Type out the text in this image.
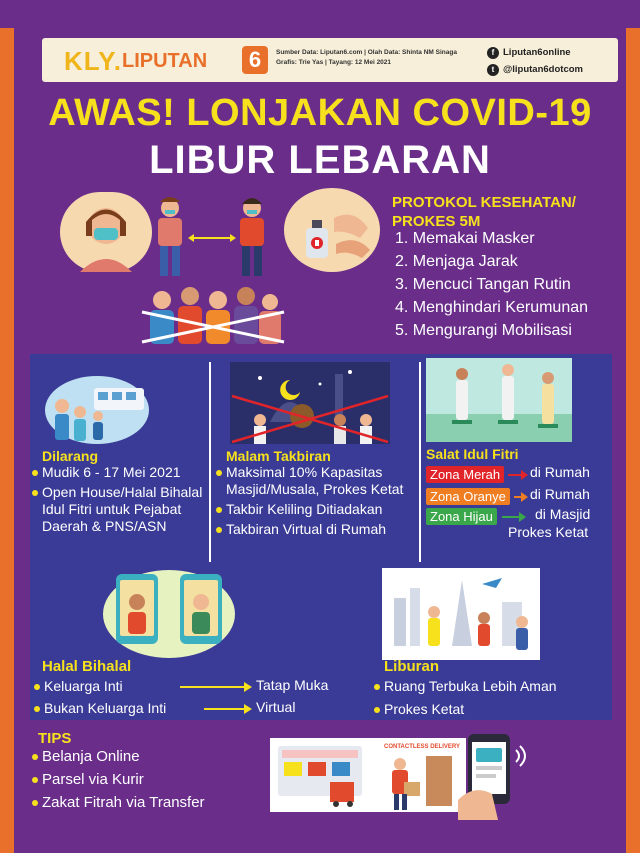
KLY. LIPUTAN	6	Sumber Data: Liputan6.com | Olah Data: Shinta NM Sinaga
Grafis: Trie Yas | Tayang: 12 Mei 2021
f Liputan6online
t @liputan6dotcom
AWAS! LONJAKAN COVID-19
LIBUR LEBARAN
PROTOKOL KESEHATAN/
PROKES 5M
1. Memakai Masker
2. Menjaga Jarak
3. Mencuci Tangan Rutin
4. Menghindari Kerumunan
5. Mengurangi Mobilisasi
Dilarang
Mudik 6 - 17 Mei 2021
Open House/Halal Bihalal Idul Fitri untuk Pejabat Daerah & PNS/ASN
Malam Takbiran
Maksimal 10% Kapasitas Masjid/Musala, Prokes Ketat
Takbir Keliling Ditiadakan
Takbiran Virtual di Rumah
Salat Idul Fitri
Zona Merah di Rumah
Zona Oranye di Rumah
Zona Hijau	di Masjid
Prokes Ketat
Halal Bihalal
Keluarga Inti	Tatap Muka
Bukan Keluarga Inti	Virtual
Liburan
Ruang Terbuka Lebih Aman
Prokes Ketat
TIPS
Belanja Online
Parsel via Kurir
Zakat Fitrah via Transfer
CONTACTLESS DELIVERY
